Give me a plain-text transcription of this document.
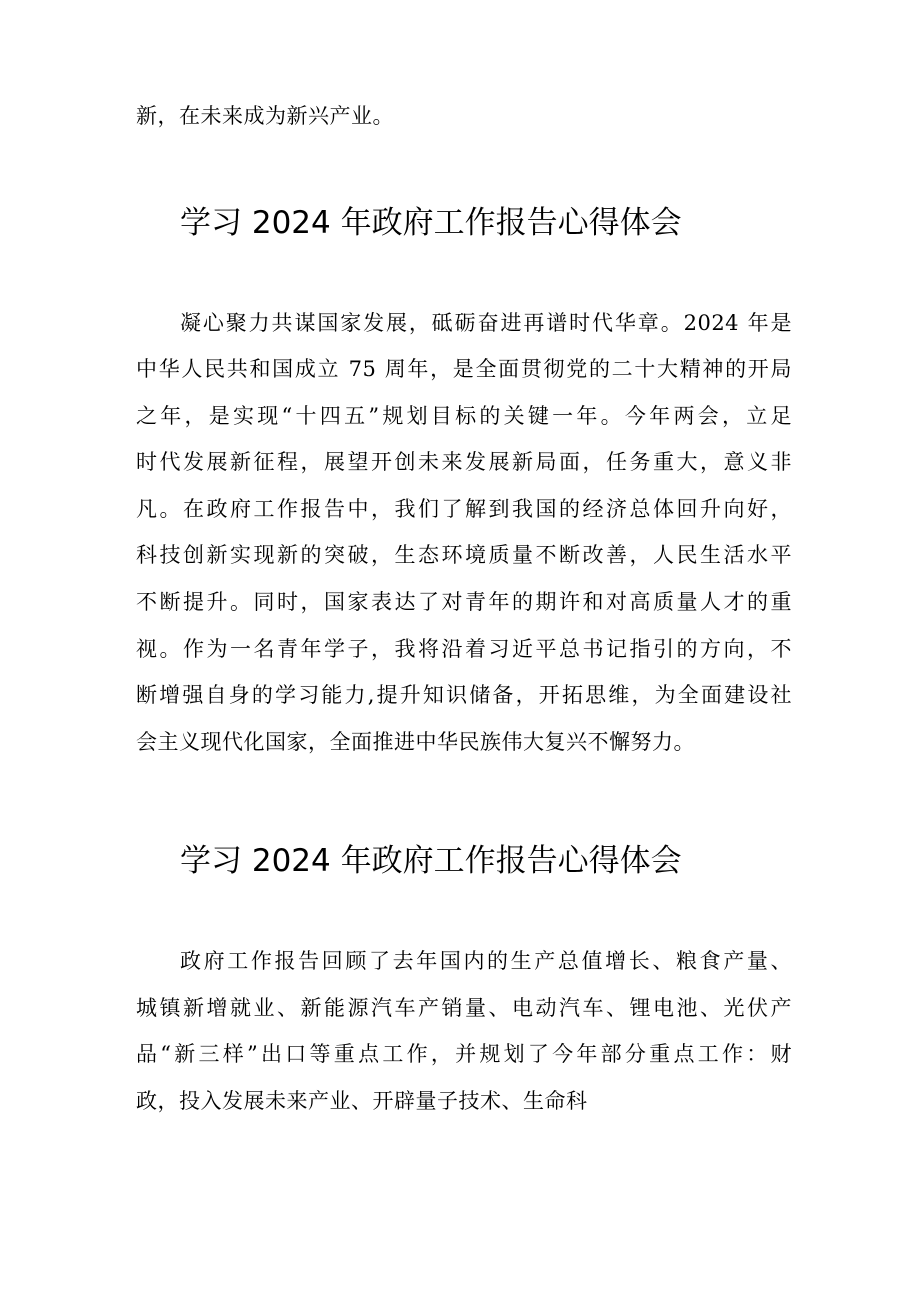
新，在未来成为新兴产业。
学习 2024 年政府工作报告心得体会
凝心聚力共谋国家发展，砥砺奋进再谱时代华章。2024 年是
中华人民共和国成立 75 周年，是全面贯彻党的二十大精神的开局
之年，是实现“十四五”规划目标的关键一年。今年两会，立足
时代发展新征程，展望开创未来发展新局面，任务重大，意义非
凡。在政府工作报告中，我们了解到我国的经济总体回升向好，
科技创新实现新的突破，生态环境质量不断改善，人民生活水平
不断提升。同时，国家表达了对青年的期许和对高质量人才的重
视。作为一名青年学子，我将沿着习近平总书记指引的方向，不
断增强自身的学习能力,提升知识储备，开拓思维，为全面建设社
会主义现代化国家，全面推进中华民族伟大复兴不懈努力。
学习 2024 年政府工作报告心得体会
政府工作报告回顾了去年国内的生产总值增长、粮食产量、
城镇新增就业、新能源汽车产销量、电动汽车、锂电池、光伏产
品“新三样”出口等重点工作，并规划了今年部分重点工作：财
政，投入发展未来产业、开辟量子技术、生命科
